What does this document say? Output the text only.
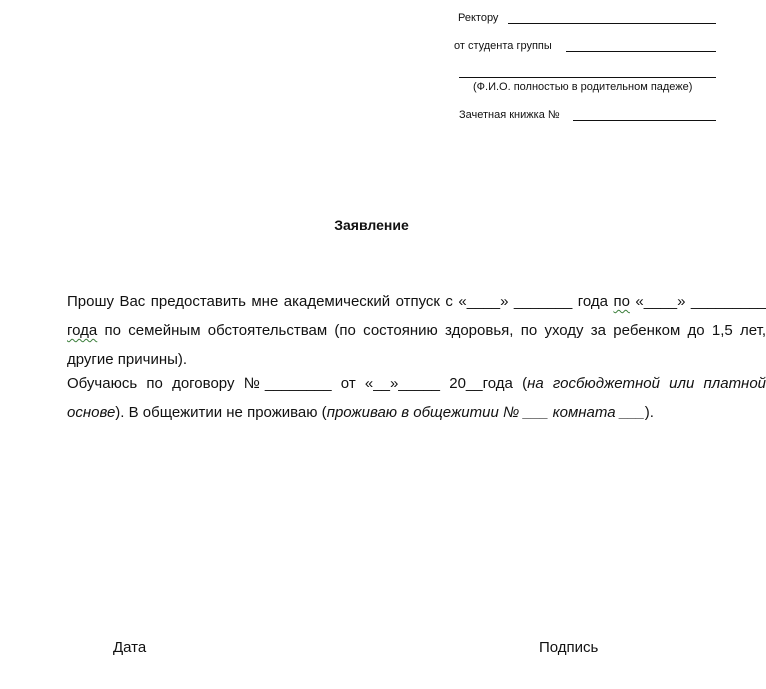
Ректору
от студента группы
(Ф.И.О. полностью в родительном падеже)
Зачетная книжка №
Заявление
Прошу Вас предоставить мне академический отпуск с «____» _______ года по «____» _________ года по семейным обстоятельствам (по состоянию здоровья, по уходу за ребенком до 1,5 лет, другие причины).
Обучаюсь по договору №________ от «__»_____ 20__года (на госбюджетной или платной основе). В общежитии не проживаю (проживаю в общежитии № ___ комната ___).
Дата	Подпись
